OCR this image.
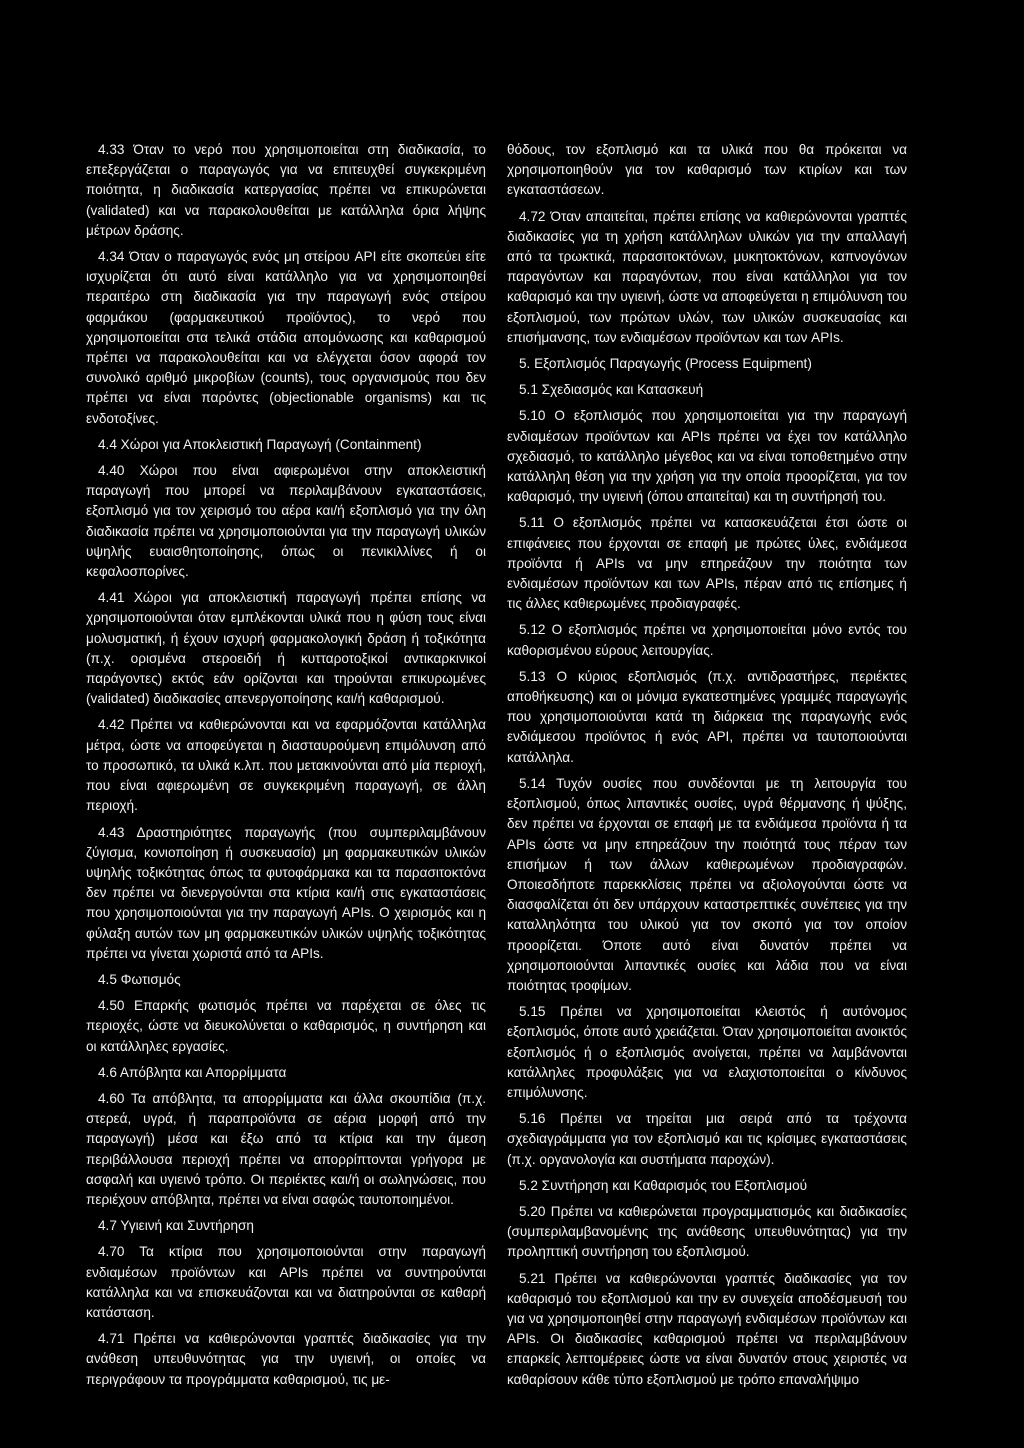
4.33 Όταν το νερό που χρησιμοποιείται στη διαδικασία, το επεξεργάζεται ο παραγωγός για να επιτευχθεί συγκεκριμένη ποιότητα, η διαδικασία κατεργασίας πρέπει να επικυρώνεται (validated) και να παρακολουθείται με κατάλληλα όρια λήψης μέτρων δράσης.

4.34 Όταν ο παραγωγός ενός μη στείρου API είτε σκοπεύει είτε ισχυρίζεται ότι αυτό είναι κατάλληλο για να χρησιμοποιηθεί περαιτέρω στη διαδικασία για την παραγωγή ενός στείρου φαρμάκου (φαρμακευτικού προϊόντος), το νερό που χρησιμοποιείται στα τελικά στάδια απομόνωσης και καθαρισμού πρέπει να παρακολουθείται και να ελέγχεται όσον αφορά τον συνολικό αριθμό μικροβίων (counts), τους οργανισμούς που δεν πρέπει να είναι παρόντες (objectionable organisms) και τις ενδοτοξίνες.

4.4 Χώροι για Αποκλειστική Παραγωγή (Containment)

4.40 Χώροι που είναι αφιερωμένοι στην αποκλειστική παραγωγή που μπορεί να περιλαμβάνουν εγκαταστάσεις, εξοπλισμό για τον χειρισμό του αέρα και/ή εξοπλισμό για την όλη διαδικασία πρέπει να χρησιμοποιούνται για την παραγωγή υλικών υψηλής ευαισθητοποίησης, όπως οι πενικιλλίνες ή οι κεφαλοσπορίνες.

4.41 Χώροι για αποκλειστική παραγωγή πρέπει επίσης να χρησιμοποιούνται όταν εμπλέκονται υλικά που η φύση τους είναι μολυσματική, ή έχουν ισχυρή φαρμακολογική δράση ή τοξικότητα (π.χ. ορισμένα στεροειδή ή κυτταροτοξικοί αντικαρκινικοί παράγοντες) εκτός εάν ορίζονται και τηρούνται επικυρωμένες (validated) διαδικασίες απενεργοποίησης και/ή καθαρισμού.

4.42 Πρέπει να καθιερώνονται και να εφαρμόζονται κατάλληλα μέτρα, ώστε να αποφεύγεται η διασταυρούμενη επιμόλυνση από το προσωπικό, τα υλικά κ.λπ. που μετακινούνται από μία περιοχή, που είναι αφιερωμένη σε συγκεκριμένη παραγωγή, σε άλλη περιοχή.

4.43 Δραστηριότητες παραγωγής (που συμπεριλαμβάνουν ζύγισμα, κονιοποίηση ή συσκευασία) μη φαρμακευτικών υλικών υψηλής τοξικότητας όπως τα φυτοφάρμακα και τα παρασιτοκτόνα δεν πρέπει να διενεργούνται στα κτίρια και/ή στις εγκαταστάσεις που χρησιμοποιούνται για την παραγωγή APIs. Ο χειρισμός και η φύλαξη αυτών των μη φαρμακευτικών υλικών υψηλής τοξικότητας πρέπει να γίνεται χωριστά από τα APIs.

4.5 Φωτισμός

4.50 Επαρκής φωτισμός πρέπει να παρέχεται σε όλες τις περιοχές, ώστε να διευκολύνεται ο καθαρισμός, η συντήρηση και οι κατάλληλες εργασίες.

4.6 Απόβλητα και Απορρίμματα

4.60 Τα απόβλητα, τα απορρίμματα και άλλα σκουπίδια (π.χ. στερεά, υγρά, ή παραπροϊόντα σε αέρια μορφή από την παραγωγή) μέσα και έξω από τα κτίρια και την άμεση περιβάλλουσα περιοχή πρέπει να απορρίπτονται γρήγορα με ασφαλή και υγιεινό τρόπο. Οι περιέκτες και/ή οι σωληνώσεις, που περιέχουν απόβλητα, πρέπει να είναι σαφώς ταυτοποιημένοι.

4.7 Υγιεινή και Συντήρηση

4.70 Τα κτίρια που χρησιμοποιούνται στην παραγωγή ενδιαμέσων προϊόντων και APIs πρέπει να συντηρούνται κατάλληλα και να επισκευάζονται και να διατηρούνται σε καθαρή κατάσταση.

4.71 Πρέπει να καθιερώνονται γραπτές διαδικασίες για την ανάθεση υπευθυνότητας για την υγιεινή, οι οποίες να περιγράφουν τα προγράμματα καθαρισμού, τις με-

θόδους, τον εξοπλισμό και τα υλικά που θα πρόκειται να χρησιμοποιηθούν για τον καθαρισμό των κτιρίων και των εγκαταστάσεων.

4.72 Όταν απαιτείται, πρέπει επίσης να καθιερώνονται γραπτές διαδικασίες για τη χρήση κατάλληλων υλικών για την απαλλαγή από τα τρωκτικά, παρασιτοκτόνων, μυκητοκτόνων, καπνογόνων παραγόντων και παραγόντων, που είναι κατάλληλοι για τον καθαρισμό και την υγιεινή, ώστε να αποφεύγεται η επιμόλυνση του εξοπλισμού, των πρώτων υλών, των υλικών συσκευασίας και επισήμανσης, των ενδιαμέσων προϊόντων και των APIs.

5. Εξοπλισμός Παραγωγής (Process Equipment)
5.1 Σχεδιασμός και Κατασκευή

5.10 Ο εξοπλισμός που χρησιμοποιείται για την παραγωγή ενδιαμέσων προϊόντων και APIs πρέπει να έχει τον κατάλληλο σχεδιασμό, το κατάλληλο μέγεθος και να είναι τοποθετημένο στην κατάλληλη θέση για την χρήση για την οποία προορίζεται, για τον καθαρισμό, την υγιεινή (όπου απαιτείται) και τη συντήρησή του.

5.11 Ο εξοπλισμός πρέπει να κατασκευάζεται έτσι ώστε οι επιφάνειες που έρχονται σε επαφή με πρώτες ύλες, ενδιάμεσα προϊόντα ή APIs να μην επηρεάζουν την ποιότητα των ενδιαμέσων προϊόντων και των APIs, πέραν από τις επίσημες ή τις άλλες καθιερωμένες προδιαγραφές.

5.12 Ο εξοπλισμός πρέπει να χρησιμοποιείται μόνο εντός του καθορισμένου εύρους λειτουργίας.

5.13 Ο κύριος εξοπλισμός (π.χ. αντιδραστήρες, περιέκτες αποθήκευσης) και οι μόνιμα εγκατεστημένες γραμμές παραγωγής που χρησιμοποιούνται κατά τη διάρκεια της παραγωγής ενός ενδιάμεσου προϊόντος ή ενός API, πρέπει να ταυτοποιούνται κατάλληλα.

5.14 Τυχόν ουσίες που συνδέονται με τη λειτουργία του εξοπλισμού, όπως λιπαντικές ουσίες, υγρά θέρμανσης ή ψύξης, δεν πρέπει να έρχονται σε επαφή με τα ενδιάμεσα προϊόντα ή τα APIs ώστε να μην επηρεάζουν την ποιότητά τους πέραν των επισήμων ή των άλλων καθιερωμένων προδιαγραφών. Οποιεσδήποτε παρεκκλίσεις πρέπει να αξιολογούνται ώστε να διασφαλίζεται ότι δεν υπάρχουν καταστρεπτικές συνέπειες για την καταλληλότητα του υλικού για τον σκοπό για τον οποίον προορίζεται. Όποτε αυτό είναι δυνατόν πρέπει να χρησιμοποιούνται λιπαντικές ουσίες και λάδια που να είναι ποιότητας τροφίμων.

5.15 Πρέπει να χρησιμοποιείται κλειστός ή αυτόνομος εξοπλισμός, όποτε αυτό χρειάζεται. Όταν χρησιμοποιείται ανοικτός εξοπλισμός ή ο εξοπλισμός ανοίγεται, πρέπει να λαμβάνονται κατάλληλες προφυλάξεις για να ελαχιστοποιείται ο κίνδυνος επιμόλυνσης.

5.16 Πρέπει να τηρείται μια σειρά από τα τρέχοντα σχεδιαγράμματα για τον εξοπλισμό και τις κρίσιμες εγκαταστάσεις (π.χ. οργανολογία και συστήματα παροχών).

5.2 Συντήρηση και Καθαρισμός του Εξοπλισμού

5.20 Πρέπει να καθιερώνεται προγραμματισμός και διαδικασίες (συμπεριλαμβανομένης της ανάθεσης υπευθυνότητας) για την προληπτική συντήρηση του εξοπλισμού.

5.21 Πρέπει να καθιερώνονται γραπτές διαδικασίες για τον καθαρισμό του εξοπλισμού και την εν συνεχεία αποδέσμευσή του για να χρησιμοποιηθεί στην παραγωγή ενδιαμέσων προϊόντων και APIs. Οι διαδικασίες καθαρισμού πρέπει να περιλαμβάνουν επαρκείς λεπτομέρειες ώστε να είναι δυνατόν στους χειριστές να καθαρίσουν κάθε τύπο εξοπλισμού με τρόπο επαναλήψιμο
